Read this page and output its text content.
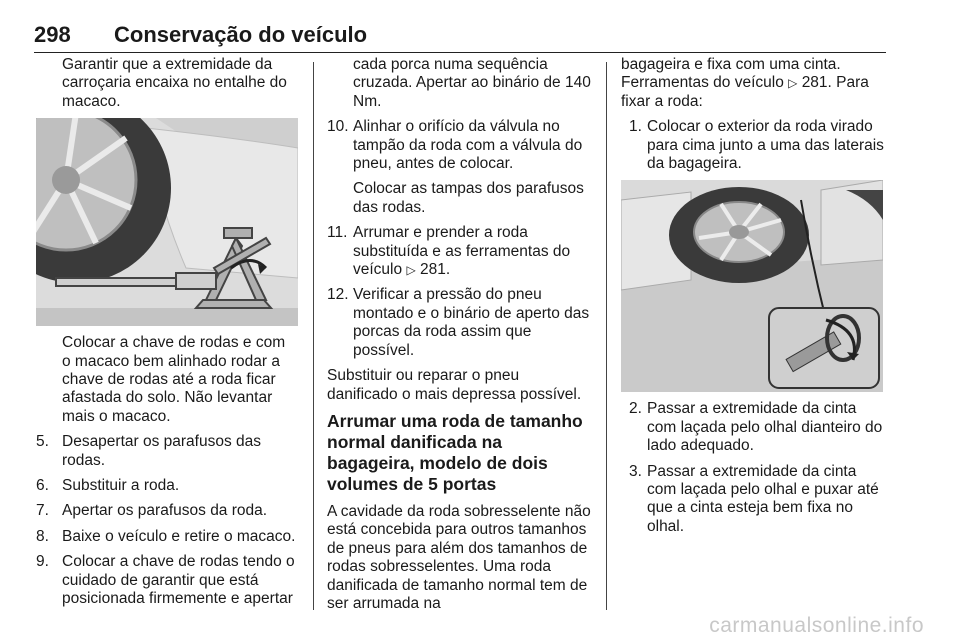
298 Conservação do veículo

Garantir que a extremidade da carroçaria encaixa no entalhe do macaco.

Colocar a chave de rodas e com o macaco bem alinhado rodar a chave de rodas até a roda ficar afastada do solo. Não levantar mais o macaco.

5. Desapertar os parafusos das rodas.
6. Substituir a roda.
7. Apertar os parafusos da roda.
8. Baixe o veículo e retire o macaco.
9. Colocar a chave de rodas tendo o cuidado de garantir que está posicionada firmemente e apertar

cada porca numa sequência cruzada. Apertar ao binário de 140 Nm.

10. Alinhar o orifício da válvula no tampão da roda com a válvula do pneu, antes de colocar.

Colocar as tampas dos parafusos das rodas.

11. Arrumar e prender a roda substituída e as ferramentas do veículo ▷ 281.
12. Verificar a pressão do pneu montado e o binário de aperto das porcas da roda assim que possível.

Substituir ou reparar o pneu danificado o mais depressa possível.

Arrumar uma roda de tamanho normal danificada na bagageira, modelo de dois volumes de 5 portas

A cavidade da roda sobresselente não está concebida para outros tamanhos de pneus para além dos tamanhos de rodas sobresselentes. Uma roda danificada de tamanho normal tem de ser arrumada na

bagageira e fixa com uma cinta. Ferramentas do veículo ▷ 281. Para fixar a roda:

1. Colocar o exterior da roda virado para cima junto a uma das laterais da bagageira.
2. Passar a extremidade da cinta com laçada pelo olhal dianteiro do lado adequado.
3. Passar a extremidade da cinta com laçada pelo olhal e puxar até que a cinta esteja bem fixa no olhal.
carmanualsonline.info
